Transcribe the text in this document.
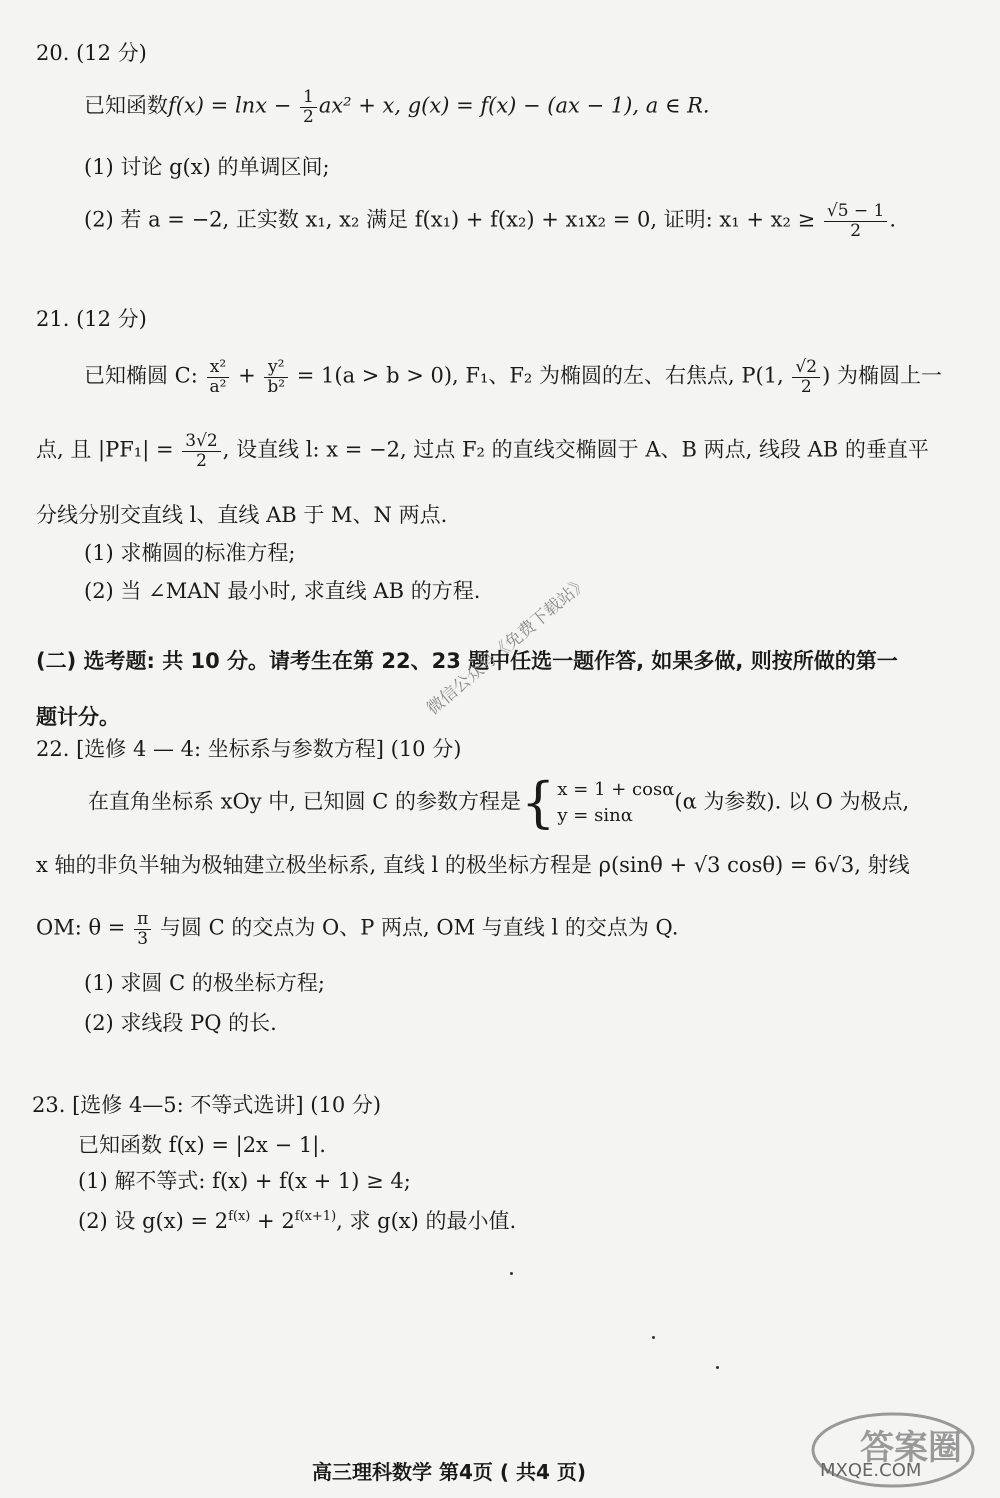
20. (12 分)
已知函数$f(x) = \ln x - \frac{1}{2} ax^2 + x$, g(x) = f(x) − (ax − 1), a ∈ R.
(1) 讨论 g(x) 的单调区间;
(2) 若 a = −2, 正实数 x₁, x₂ 满足 f(x₁) + f(x₂) + x₁x₂ = 0, 证明: $x_1 + x_2 \ge \frac{√5 - 1}{2}$ .
21. (12 分)
已知椭圆 C: $\frac{\text{x²}}{\text{a²}} + \frac{\text{y²}}{\text{b²}} = 1(a > b > 0)$, F₁、F₂ 为椭圆的左、右焦点, P(1, $\frac{√2}{2}$ ) 为椭圆上一
点, 且 $|PF_1| = \frac{3√2}{2}$ , 设直线 l: x = −2, 过点 F₂ 的直线交椭圆于 A、B 两点, 线段 AB 的垂直平
分线分别交直线 l、直线 AB 于 M、N 两点.
(1) 求椭圆的标准方程;
(2) 当 ∠MAN 最小时, 求直线 AB 的方程.
(二) 选考题: 共 10 分。请考生在第 22、23 题中任选一题作答, 如果多做, 则按所做的第一
题计分。
22. [选修 4 — 4: 坐标系与参数方程] (10 分)
在直角坐标系 xOy 中, 已知圆 C 的参数方程是 { x = 1 + cosα
y = sinα
(α 为参数). 以 O 为极点,
x 轴的非负半轴为极轴建立极坐标系, 直线 l 的极坐标方程是 ρ(sinθ + √3 cosθ) = 6√3, 射线
OM: $\theta = \frac{\pi}{3}$ 与圆 C 的交点为 O、P 两点, OM 与直线 l 的交点为 Q.
(1) 求圆 C 的极坐标方程;
(2) 求线段 PQ 的长.
23. [选修 4—5: 不等式选讲] (10 分)
已知函数 f(x) = |2x − 1|.
(1) 解不等式: f(x) + f(x + 1) ≥ 4;
(2) 设 $g(x) = 2^{f(x)} + 2^{f(x+1)}$, 求 g(x) 的最小值.
微信公众号《免费下载站》
答案圈
MXQE.COM
高三理科数学 第4页 ( 共4 页)
